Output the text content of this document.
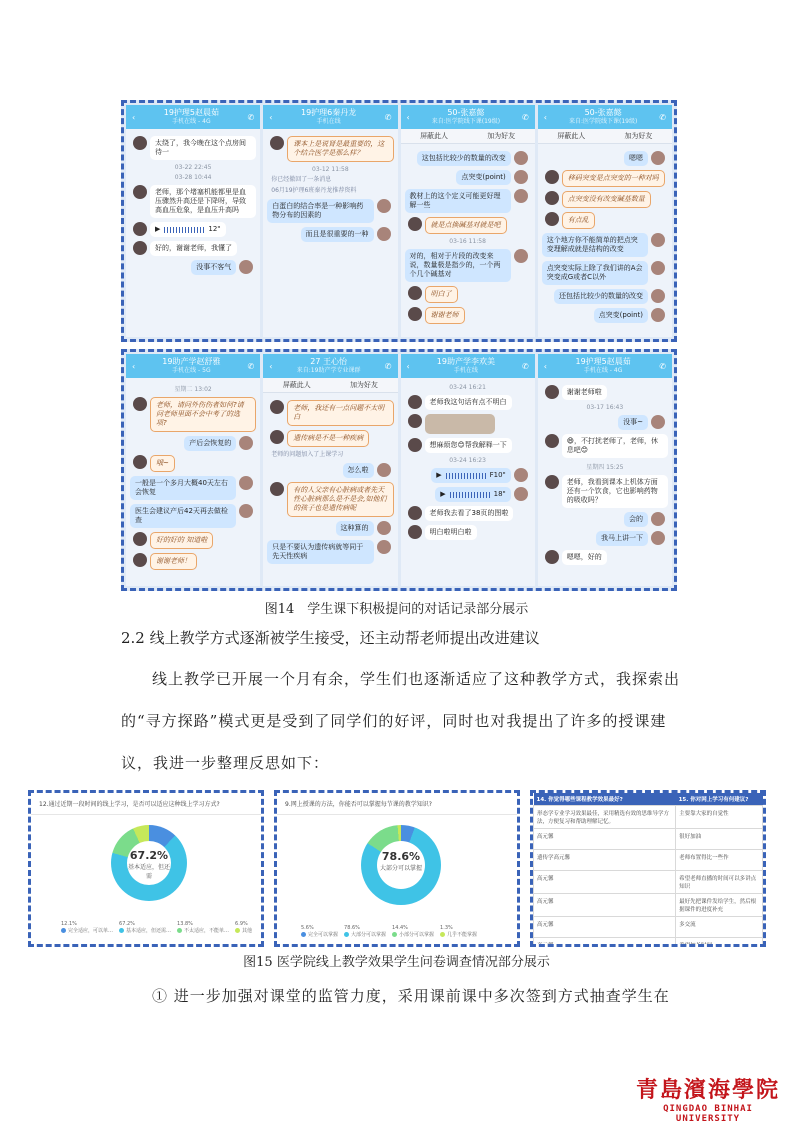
‹	19护理5赵晨茹
手机在线 - 4G	✆
太绕了，我今晚在这个点房间待一
03-22 22:45
03-28 10:44
老师，那个堵塞机能都里是血压骤然升高还是下降呀，导致高血压危象，是血压升高吗
▶	12"
好的，谢谢老师，我懂了
没事不客气
‹	19护理6秦丹龙
手机在线	✆
课本上是说肾是最重要的，这个结合医学是那么样？
03-12 11:58
你已经撤回了一条消息
06月19护理6班秦丹龙推荐资料
白蛋白的结合率是一种影响药物分布的因素的
而且是很重要的一种
‹	50-张嘉懿
来自:医学院线下课(19级)	✆
屏蔽此人	加为好友
这包括比较少的数量的改变
点突变(point)
教材上的这个定义可能更好理解一些
就是点换碱基对就是吧
03-16 11:58
对的，相对于片段的改变来说，数量极是指少的，一个两个几个碱基对
明白了
谢谢老师
‹	50-张嘉懿
来自:医学院线下课(19级)	✆
屏蔽此人	加为好友
嗯嗯
移码突变是点突变的一种对吗
点突变没有改变碱基数量
有点乱
这个地方你不能简单的把点突变理解成就是结构的改变
点突变实际上除了我们讲的A会突变成G或者C以外
还包括比较少的数量的改变
点突变(point)
‹	19助产学赵舒雅
手机在线 - 5G	✆
星期二 13:02
老师，请问外伤伤者如何?请问老师里面不会中考了的选项?
产后会恢复的
哦~
一般是一个多月大概40天左右会恢复
医生会建议产后42天再去做检查
好的好的 知道啦
谢谢老师！
‹	27 王心怡
来自:19助产学专业课群	✆
屏蔽此人	加为好友
老师，我还有一点问题不太明白
遗传病是不是一种疾病
老师的问题加入了上课学习
怎么啦
有的人父亲有心脏病或者先天性心脏病那么是不是会,如他们的孩子也是遗传病呢
这种算的
只是不要认为遗传病就等同于先天性疾病
‹	19助产学李欢美
手机在线	✆
03-24 16:21
老师我这句话有点不明白
想麻烦您😊帮我解释一下
03-24 16:23
▶	F10"
▶	18"
老师我去看了38页的图啦
明白啦明白啦
‹	19护理5赵晨茹
手机在线 - 4G	✆
谢谢老师啦
03-17 16:43
没事~
😄，不打扰老师了，老师，休息吧😊
星期四 15:25
老师，我看到课本上机体方面还有一个饮食，它也影响药物的吸收吗？
会的
我马上讲一下
嗯嗯，好的
图14　学生课下积极提问的对话记录部分展示
2.2 线上教学方式逐渐被学生接受，还主动帮老师提出改进建议
线上教学已开展一个月有余，学生们也逐渐适应了这种教学方式，我探索出
的“寻方探路”模式更是受到了同学们的好评，同时也对我提出了许多的授课建
议，我进一步整理反思如下：
12.通过近期一段时间的线上学习，是否可以适应这种线上学习方式?
67.2%
基本适应，但还需
12.1%
完全适应，可以单…
67.2%
基本适应，但还需…
13.8%
不太适应，不能单…
6.9%
其他
9.网上授课的方法，你能否可以掌握每节课的教学知识?
78.6%
大部分可以掌握
5.6%
完全可以掌握
78.6%
大部分可以掌握
14.4%
小部分可以掌握
1.3%
几乎不能掌握
14. 你觉得哪些课程教学效果最好?	15. 你对网上学习有何建议?
形态学专业学习效果最佳，采用精选有效的思维导学方法，方便复习和帮助理解记忆。	主要靠大家的自觉性
高元馨	很好加油
遗传学高元馨	老师布置得比一些作
高元馨	希望老师直播的时间可以多讲点知识
高元馨	最好先把课件发给学生，然后根据课件的进度补充
高元馨	多交流
高元馨	希望加长时间
图15 医学院线上教学效果学生问卷调查情况部分展示
① 进一步加强对课堂的监管力度，采用课前课中多次签到方式抽查学生在
青島濱海學院
QINGDAO BINHAI UNIVERSITY
